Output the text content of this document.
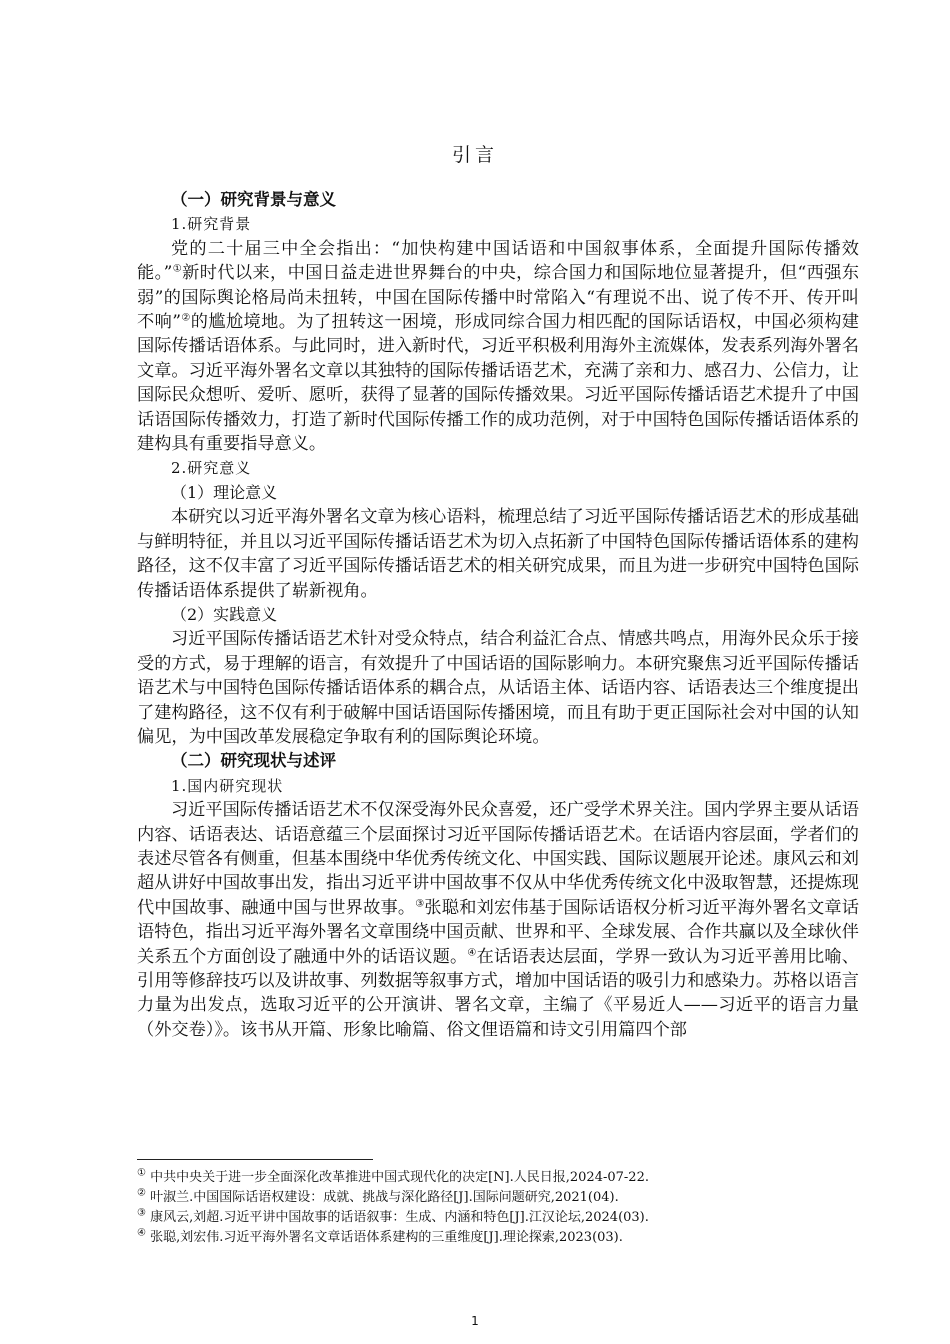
引言

（一）研究背景与意义

1.研究背景

党的二十届三中全会指出：“加快构建中国话语和中国叙事体系，全面提升国际传播效能。”①新时代以来，中国日益走进世界舞台的中央，综合国力和国际地位显著提升，但“西强东弱”的国际舆论格局尚未扭转，中国在国际传播中时常陷入“有理说不出、说了传不开、传开叫不响”②的尴尬境地。为了扭转这一困境，形成同综合国力相匹配的国际话语权，中国必须构建国际传播话语体系。与此同时，进入新时代，习近平积极利用海外主流媒体，发表系列海外署名文章。习近平海外署名文章以其独特的国际传播话语艺术，充满了亲和力、感召力、公信力，让国际民众想听、爱听、愿听，获得了显著的国际传播效果。习近平国际传播话语艺术提升了中国话语国际传播效力，打造了新时代国际传播工作的成功范例，对于中国特色国际传播话语体系的建构具有重要指导意义。

2.研究意义

（1）理论意义

本研究以习近平海外署名文章为核心语料，梳理总结了习近平国际传播话语艺术的形成基础与鲜明特征，并且以习近平国际传播话语艺术为切入点拓新了中国特色国际传播话语体系的建构路径，这不仅丰富了习近平国际传播话语艺术的相关研究成果，而且为进一步研究中国特色国际传播话语体系提供了崭新视角。

（2）实践意义

习近平国际传播话语艺术针对受众特点，结合利益汇合点、情感共鸣点，用海外民众乐于接受的方式，易于理解的语言，有效提升了中国话语的国际影响力。本研究聚焦习近平国际传播话语艺术与中国特色国际传播话语体系的耦合点，从话语主体、话语内容、话语表达三个维度提出了建构路径，这不仅有利于破解中国话语国际传播困境，而且有助于更正国际社会对中国的认知偏见，为中国改革发展稳定争取有利的国际舆论环境。

（二）研究现状与述评

1.国内研究现状

习近平国际传播话语艺术不仅深受海外民众喜爱，还广受学术界关注。国内学界主要从话语内容、话语表达、话语意蕴三个层面探讨习近平国际传播话语艺术。在话语内容层面，学者们的表述尽管各有侧重，但基本围绕中华优秀传统文化、中国实践、国际议题展开论述。康风云和刘超从讲好中国故事出发，指出习近平讲中国故事不仅从中华优秀传统文化中汲取智慧，还提炼现代中国故事、融通中国与世界故事。③张聪和刘宏伟基于国际话语权分析习近平海外署名文章话语特色，指出习近平海外署名文章围绕中国贡献、世界和平、全球发展、合作共赢以及全球伙伴关系五个方面创设了融通中外的话语议题。④在话语表达层面，学界一致认为习近平善用比喻、引用等修辞技巧以及讲故事、列数据等叙事方式，增加中国话语的吸引力和感染力。苏格以语言力量为出发点，选取习近平的公开演讲、署名文章，主编了《平易近人——习近平的语言力量（外交卷）》。该书从开篇、形象比喻篇、俗文俚语篇和诗文引用篇四个部

① 中共中央关于进一步全面深化改革推进中国式现代化的决定[N].人民日报,2024-07-22.
② 叶淑兰.中国国际话语权建设：成就、挑战与深化路径[J].国际问题研究,2021(04).
③ 康风云,刘超.习近平讲中国故事的话语叙事：生成、内涵和特色[J].江汉论坛,2024(03).
④ 张聪,刘宏伟.习近平海外署名文章话语体系建构的三重维度[J].理论探索,2023(03).
1
